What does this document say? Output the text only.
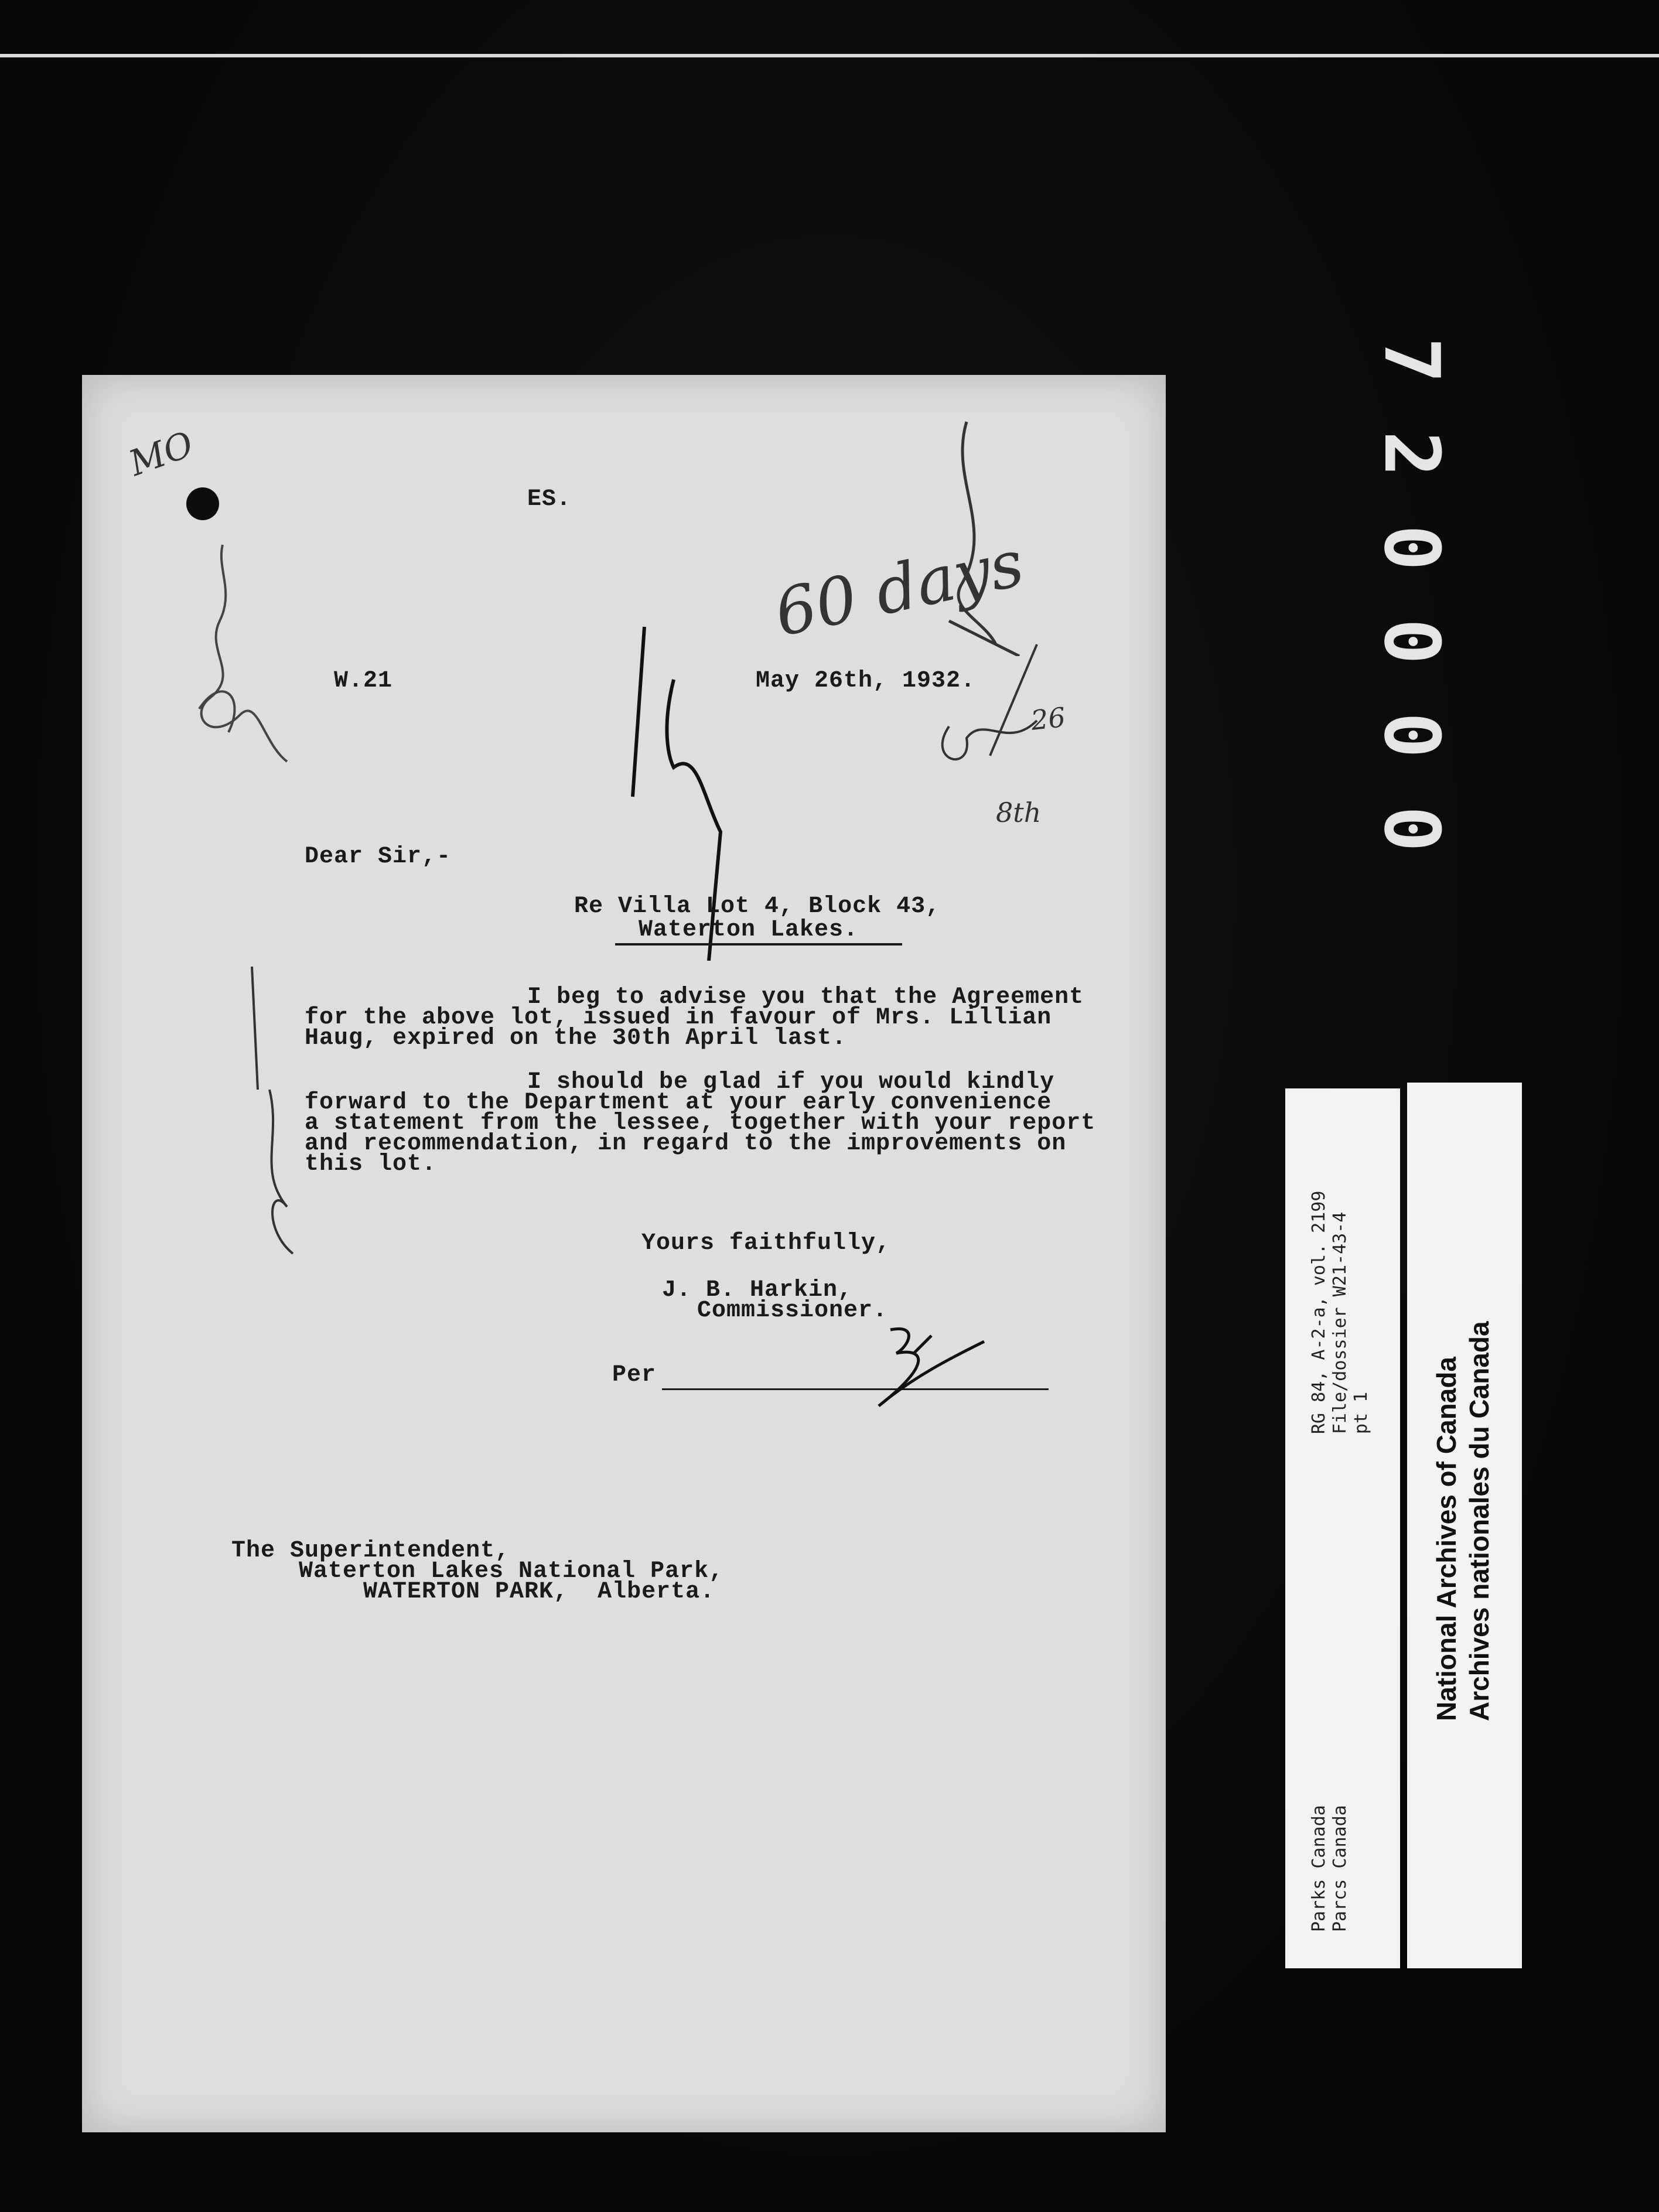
MO
60 days
26
8th
ES.
W.21	May 26th, 1932.
Dear Sir,-
Re Villa Lot 4, Block 43,
Waterton Lakes.
I beg to advise you that the Agreement
for the above lot, issued in favour of Mrs. Lillian
Haug, expired on the 30th April last.
I should be glad if you would kindly
forward to the Department at your early convenience
a statement from the lessee, together with your report
and recommendation, in regard to the improvements on
this lot.
Yours faithfully,
J. B. Harkin,
Commissioner.
Per
The Superintendent,
Waterton Lakes National Park,
WATERTON PARK,  Alberta.
7
2
0
0
0
0
Parks Canada Parcs Canada
RG 84, A-2-a, vol. 2199 File/dossier W21-43-4 pt 1 National Archives of Canada Archives nationales du Canada
